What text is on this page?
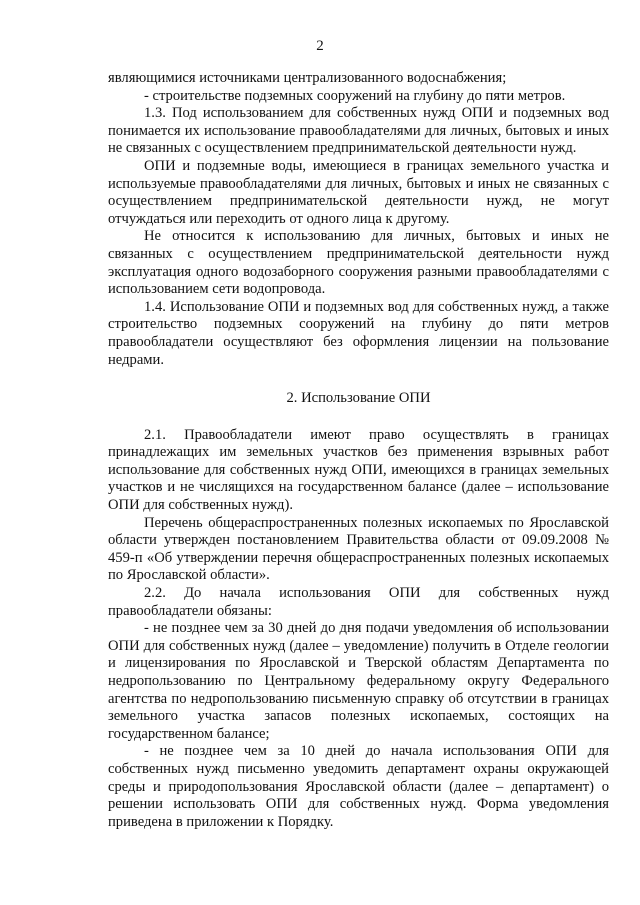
2

являющимися источниками централизованного водоснабжения;

- строительстве подземных сооружений на глубину до пяти метров.

1.3. Под использованием для собственных нужд ОПИ и подземных вод понимается их использование правообладателями для личных, бытовых и иных не связанных с осуществлением предпринимательской деятельности нужд.

ОПИ и подземные воды, имеющиеся в границах земельного участка и используемые правообладателями для личных, бытовых и иных не связанных с осуществлением предпринимательской деятельности нужд, не могут отчуждаться или переходить от одного лица к другому.

Не относится к использованию для личных, бытовых и иных не связанных с осуществлением предпринимательской деятельности нужд эксплуатация одного водозаборного сооружения разными правообладателями с использованием сети водопровода.

1.4. Использование ОПИ и подземных вод для собственных нужд, а также строительство подземных сооружений на глубину до пяти метров правообладатели осуществляют без оформления лицензии на пользование недрами.

2. Использование ОПИ

2.1. Правообладатели имеют право осуществлять в границах принадлежащих им земельных участков без применения взрывных работ использование для собственных нужд ОПИ, имеющихся в границах земельных участков и не числящихся на государственном балансе (далее – использование ОПИ для собственных нужд).

Перечень общераспространенных полезных ископаемых по Ярославской области утвержден постановлением Правительства области от 09.09.2008 № 459-п «Об утверждении перечня общераспространенных полезных ископаемых по Ярославской области».

2.2. До начала использования ОПИ для собственных нужд правообладатели обязаны:

- не позднее чем за 30 дней до дня подачи уведомления об использовании ОПИ для собственных нужд (далее – уведомление) получить в Отделе геологии и лицензирования по Ярославской и Тверской областям Департамента по недропользованию по Центральному федеральному округу Федерального агентства по недропользованию письменную справку об отсутствии в границах земельного участка запасов полезных ископаемых, состоящих на государственном балансе;

- не позднее чем за 10 дней до начала использования ОПИ для собственных нужд письменно уведомить департамент охраны окружающей среды и природопользования Ярославской области (далее – департамент) о решении использовать ОПИ для собственных нужд. Форма уведомления приведена в приложении к Порядку.
